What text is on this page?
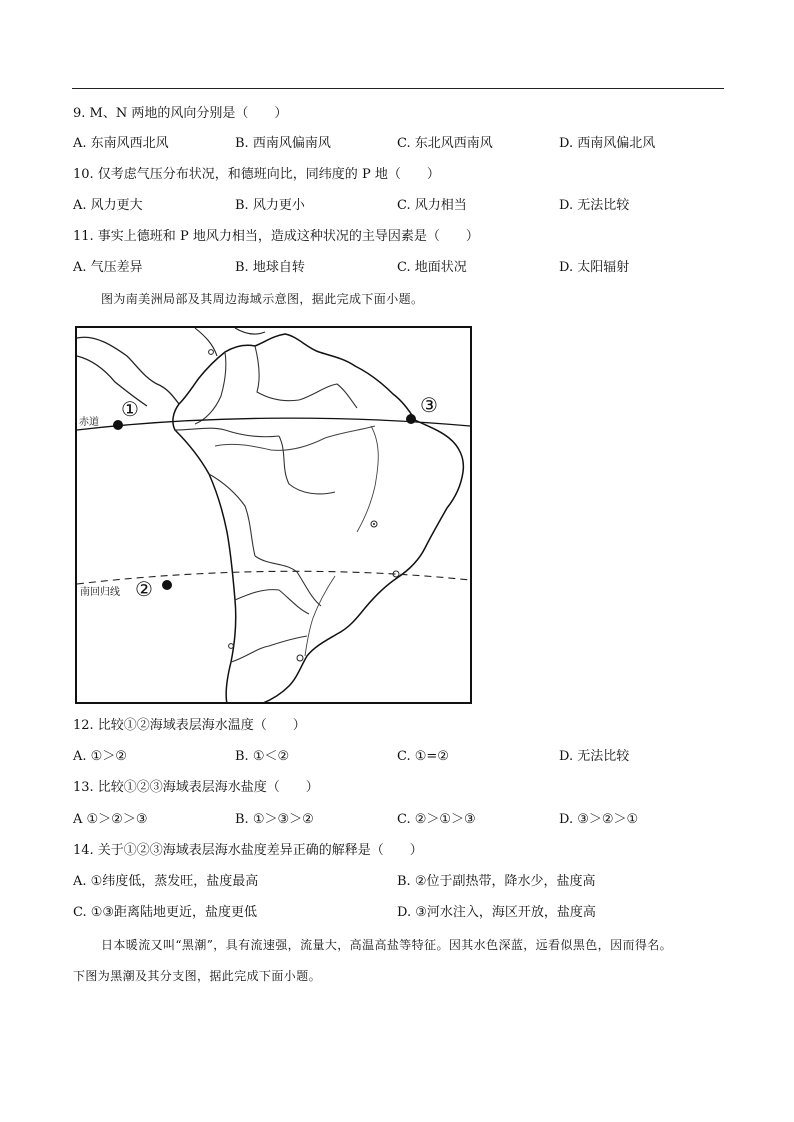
9. M、N 两地的风向分别是（　　）
A. 东南风西北风	B. 西南风偏南风	C. 东北风西南风	D. 西南风偏北风
10. 仅考虑气压分布状况，和德班向比，同纬度的 P 地（　　）
A. 风力更大	B. 风力更小	C. 风力相当	D. 无法比较
11. 事实上德班和 P 地风力相当，造成这种状况的主导因素是（　　）
A. 气压差异	B. 地球自转	C. 地面状况	D. 太阳辐射
图为南美洲局部及其周边海域示意图，据此完成下面小题。
赤道
南回归线
①
②
③
12. 比较①②海域表层海水温度（　　）
A. ①＞②	B. ①＜②	C. ①=②	D. 无法比较
13. 比较①②③海域表层海水盐度（　　）
A ①＞②＞③	B. ①＞③＞②	C. ②＞①＞③	D. ③＞②＞①
14. 关于①②③海域表层海水盐度差异正确的解释是（　　）
A. ①纬度低，蒸发旺，盐度最高	B. ②位于副热带，降水少，盐度高
C. ①③距离陆地更近，盐度更低	D. ③河水注入，海区开放，盐度高
日本暖流又叫“黑潮”，具有流速强，流量大，高温高盐等特征。因其水色深蓝，远看似黑色，因而得名。
下图为黑潮及其分支图，据此完成下面小题。
